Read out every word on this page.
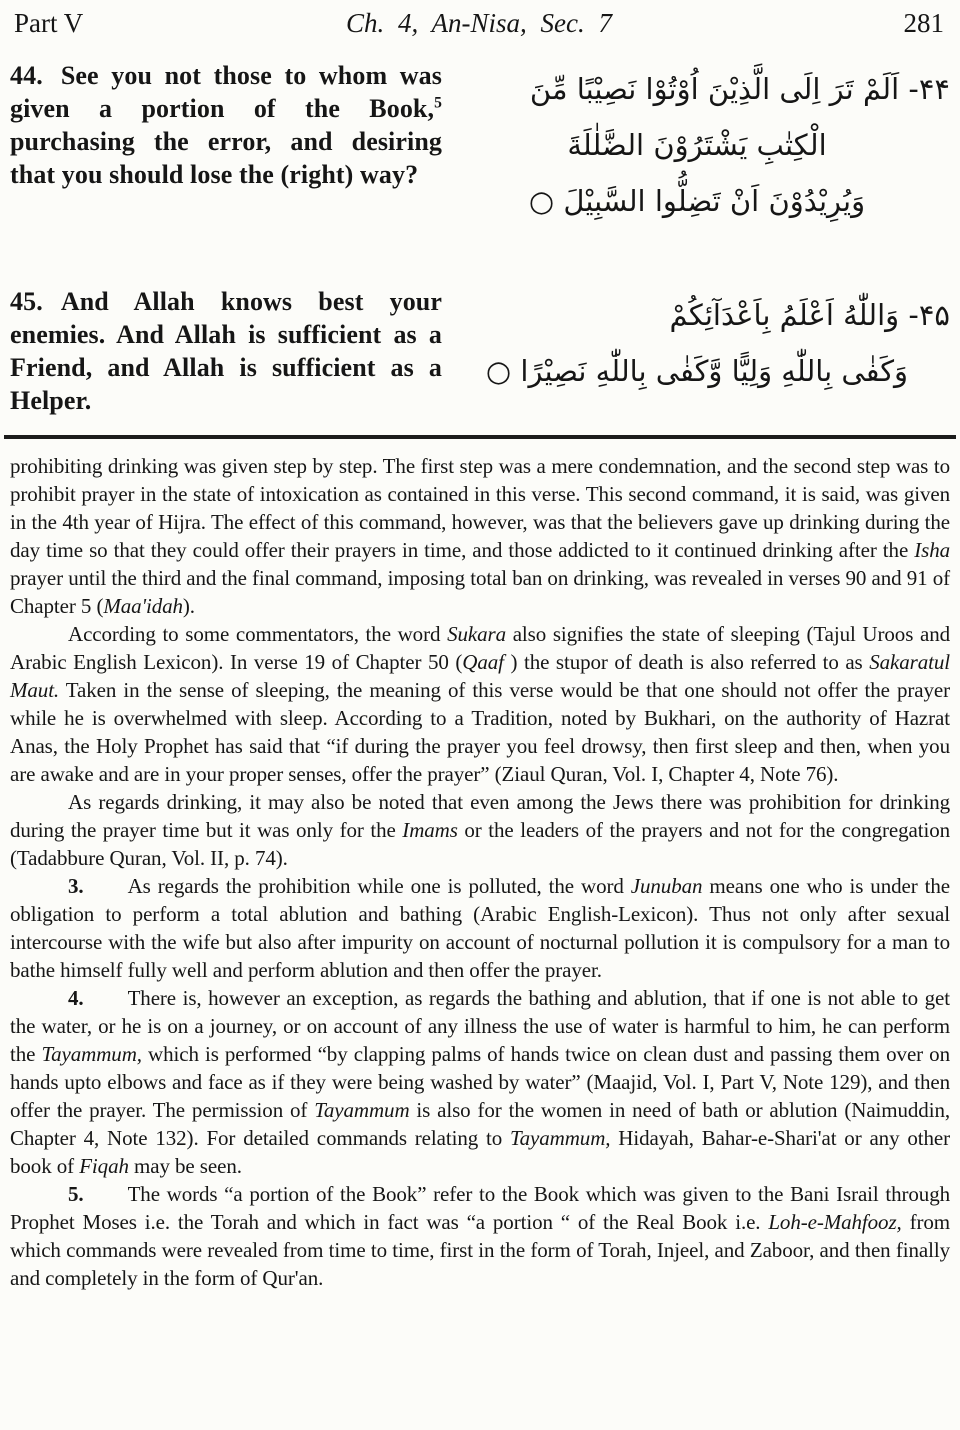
Part V	Ch. 4, An-Nisa, Sec. 7	281
44. See you not those to whom was given a portion of the Book,$^5$ purchasing the error, and desiring that you should lose the (right) way?
۴۴- اَلَمْ تَرَ اِلَى الَّذِيْنَ اُوْتُوْا نَصِيْبًا مِّنَ
الْكِتٰبِ يَشْتَرُوْنَ الضَّلٰلَةَ
وَيُرِيْدُوْنَ اَنْ تَضِلُّوا السَّبِيْلَ ○
45. And Allah knows best your enemies. And Allah is sufficient as a Friend, and Allah is sufficient as a Helper.
۴۵- وَاللّٰهُ اَعْلَمُ بِاَعْدَآئِكُمْ
وَكَفٰى بِاللّٰهِ وَلِيًّا وَّكَفٰى بِاللّٰهِ نَصِيْرًا ○

prohibiting drinking was given step by step. The first step was a mere condemnation, and the second step was to prohibit prayer in the state of intoxication as contained in this verse. This second command, it is said, was given in the 4th year of Hijra. The effect of this command, however, was that the believers gave up drinking during the day time so that they could offer their prayers in time, and those addicted to it continued drinking after the Isha prayer until the third and the final command, imposing total ban on drinking, was revealed in verses 90 and 91 of Chapter 5 (Maa'idah).

According to some commentators, the word Sukara also signifies the state of sleeping (Tajul Uroos and Arabic English Lexicon). In verse 19 of Chapter 50 (Qaaf ) the stupor of death is also referred to as Sakaratul Maut. Taken in the sense of sleeping, the meaning of this verse would be that one should not offer the prayer while he is overwhelmed with sleep. According to a Tradition, noted by Bukhari, on the authority of Hazrat Anas, the Holy Prophet has said that “if during the prayer you feel drowsy, then first sleep and then, when you are awake and are in your proper senses, offer the prayer” (Ziaul Quran, Vol. I, Chapter 4, Note 76).

As regards drinking, it may also be noted that even among the Jews there was prohibition for drinking during the prayer time but it was only for the Imams or the leaders of the prayers and not for the congregation (Tadabbure Quran, Vol. II, p. 74).

3. As regards the prohibition while one is polluted, the word Junuban means one who is under the obligation to perform a total ablution and bathing (Arabic English-Lexicon). Thus not only after sexual intercourse with the wife but also after impurity on account of nocturnal pollution it is compulsory for a man to bathe himself fully well and perform ablution and then offer the prayer.

4. There is, however an exception, as regards the bathing and ablution, that if one is not able to get the water, or he is on a journey, or on account of any illness the use of water is harmful to him, he can perform the Tayammum, which is performed “by clapping palms of hands twice on clean dust and passing them over on hands upto elbows and face as if they were being washed by water” (Maajid, Vol. I, Part V, Note 129), and then offer the prayer. The permission of Tayammum is also for the women in need of bath or ablution (Naimuddin, Chapter 4, Note 132). For detailed commands relating to Tayammum, Hidayah, Bahar-e-Shari'at or any other book of Fiqah may be seen.

5. The words “a portion of the Book” refer to the Book which was given to the Bani Israil through Prophet Moses i.e. the Torah and which in fact was “a portion “ of the Real Book i.e. Loh-e-Mahfooz, from which commands were revealed from time to time, first in the form of Torah, Injeel, and Zaboor, and then finally and completely in the form of Qur'an.
